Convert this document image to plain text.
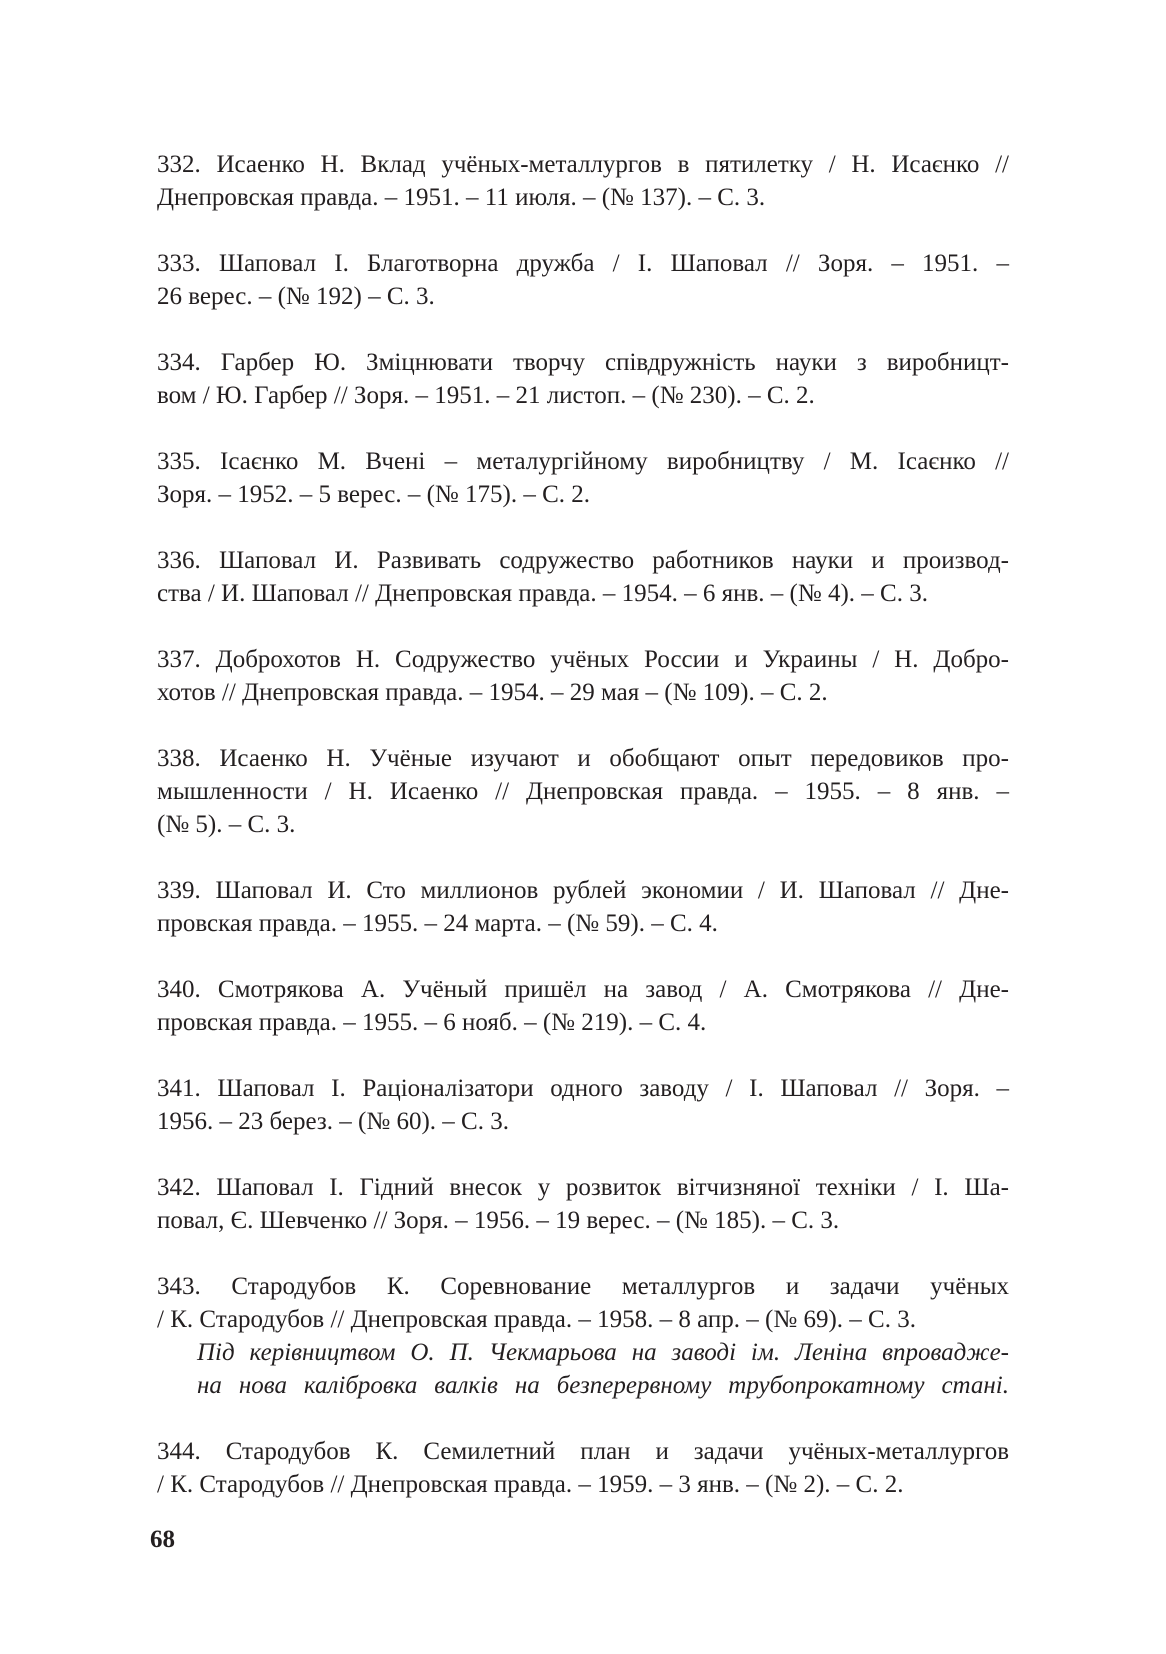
332. Исаенко Н. Вклад учёных-металлургов в пятилетку / Н. Исаєнко //
Днепровская правда. – 1951. – 11 июля. – (№ 137). – С. 3.
333. Шаповал І. Благотворна дружба / І. Шаповал // Зоря. – 1951. –
26 верес. – (№ 192) – С. 3.
334. Гарбер Ю. Зміцнювати творчу співдружність науки з виробницт-
вом / Ю. Гарбер // Зоря. – 1951. – 21 листоп. – (№ 230). – С. 2.
335. Ісаєнко М. Вчені – металургійному виробництву / М. Ісаєнко //
Зоря. – 1952. – 5 верес. – (№ 175). – С. 2.
336. Шаповал И. Развивать содружество работников науки и производ-
ства / И. Шаповал // Днепровская правда. – 1954. – 6 янв. – (№ 4). – С. 3.
337. Доброхотов Н. Содружество учёных России и Украины / Н. Добро-
хотов // Днепровская правда. – 1954. – 29 мая – (№ 109). – С. 2.
338. Исаенко Н. Учёные изучают и обобщают опыт передовиков про-
мышленности / Н. Исаенко // Днепровская правда. – 1955. – 8 янв. –
(№ 5). – С. 3.
339. Шаповал И. Сто миллионов рублей экономии / И. Шаповал // Дне-
провская правда. – 1955. – 24 марта. – (№ 59). – С. 4.
340. Смотрякова А. Учёный пришёл на завод / А. Смотрякова // Дне-
провская правда. – 1955. – 6 нояб. – (№ 219). – С. 4.
341. Шаповал І. Раціоналізатори одного заводу / І. Шаповал // Зоря. –
1956. – 23 берез. – (№ 60). – С. 3.
342. Шаповал І. Гідний внесок у розвиток вітчизняної техніки / І. Ша-
повал, Є. Шевченко // Зоря. – 1956. – 19 верес. – (№ 185). – С. 3.
343. Стародубов К. Соревнование металлургов и задачи учёных
/ К. Стародубов // Днепровская правда. – 1958. – 8 апр. – (№ 69). – С. 3.
Під керівництвом О. П. Чекмарьова на заводі ім. Леніна впроваджe-
на нова калібровка валків на безперервному трубопрокатному стані.
344. Стародубов К. Семилетний план и задачи учёных-металлургов
/ К. Стародубов // Днепровская правда. – 1959. – 3 янв. – (№ 2). – С. 2.
68
